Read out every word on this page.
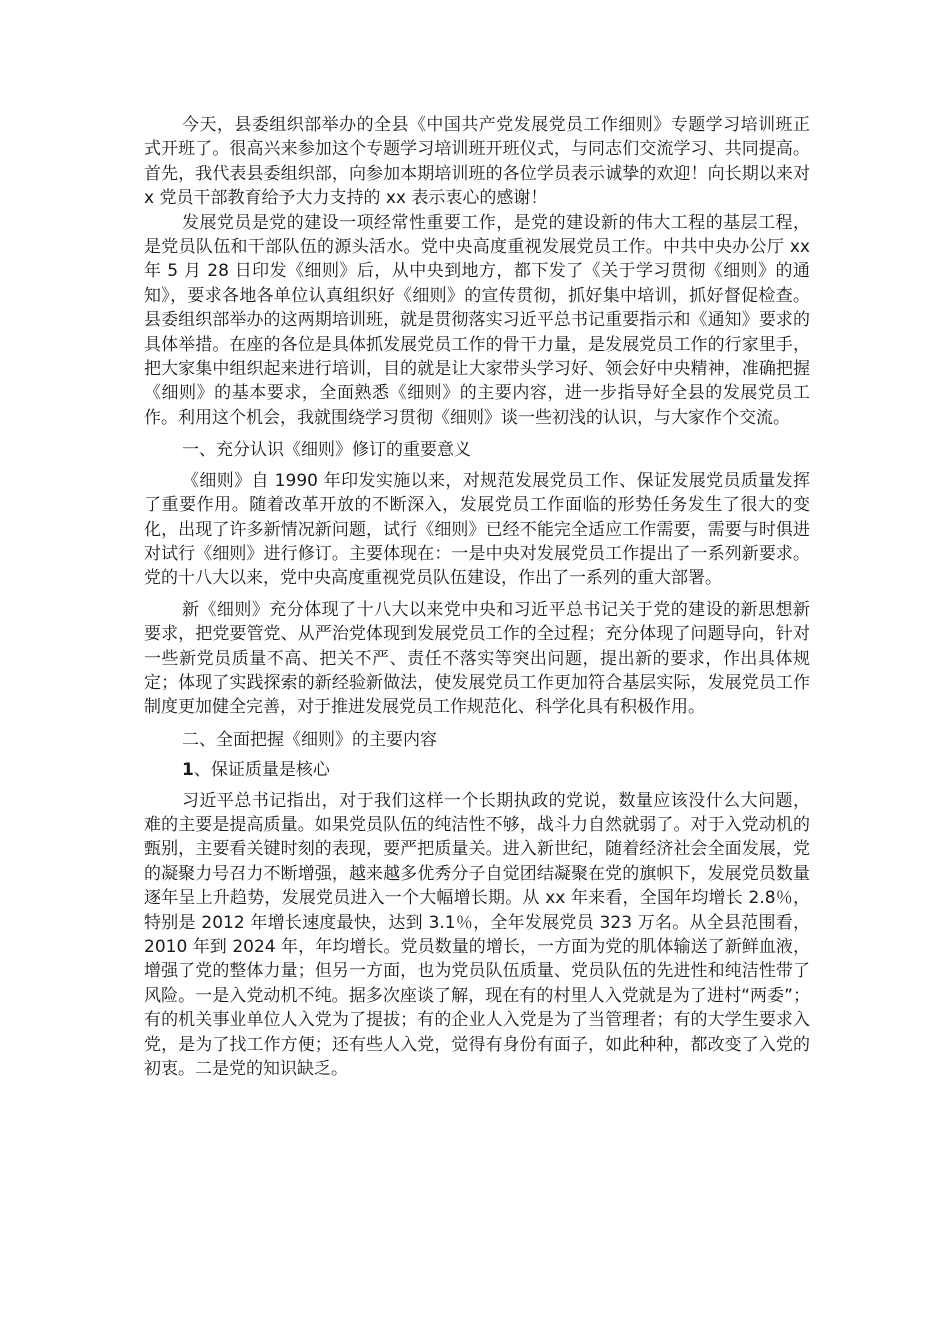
今天，县委组织部举办的全县《中国共产党发展党员工作细则》专题学习培训班正式开班了。很高兴来参加这个专题学习培训班开班仪式，与同志们交流学习、共同提高。首先，我代表县委组织部，向参加本期培训班的各位学员表示诚挚的欢迎！向长期以来对 x 党员干部教育给予大力支持的 xx 表示衷心的感谢！

发展党员是党的建设一项经常性重要工作，是党的建设新的伟大工程的基层工程，是党员队伍和干部队伍的源头活水。党中央高度重视发展党员工作。中共中央办公厅 xx 年 5 月 28 日印发《细则》后，从中央到地方，都下发了《关于学习贯彻《细则》的通知》，要求各地各单位认真组织好《细则》的宣传贯彻，抓好集中培训，抓好督促检查。县委组织部举办的这两期培训班，就是贯彻落实习近平总书记重要指示和《通知》要求的具体举措。在座的各位是具体抓发展党员工作的骨干力量，是发展党员工作的行家里手，把大家集中组织起来进行培训，目的就是让大家带头学习好、领会好中央精神，准确把握《细则》的基本要求，全面熟悉《细则》的主要内容，进一步指导好全县的发展党员工作。利用这个机会，我就围绕学习贯彻《细则》谈一些初浅的认识，与大家作个交流。

一、充分认识《细则》修订的重要意义

《细则》自 1990 年印发实施以来，对规范发展党员工作、保证发展党员质量发挥了重要作用。随着改革开放的不断深入，发展党员工作面临的形势任务发生了很大的变化，出现了许多新情况新问题，试行《细则》已经不能完全适应工作需要，需要与时俱进对试行《细则》进行修订。主要体现在：一是中央对发展党员工作提出了一系列新要求。党的十八大以来，党中央高度重视党员队伍建设，作出了一系列的重大部署。

新《细则》充分体现了十八大以来党中央和习近平总书记关于党的建设的新思想新要求，把党要管党、从严治党体现到发展党员工作的全过程；充分体现了问题导向，针对一些新党员质量不高、把关不严、责任不落实等突出问题，提出新的要求，作出具体规定；体现了实践探索的新经验新做法，使发展党员工作更加符合基层实际，发展党员工作制度更加健全完善，对于推进发展党员工作规范化、科学化具有积极作用。

二、全面把握《细则》的主要内容

1、保证质量是核心

习近平总书记指出，对于我们这样一个长期执政的党说，数量应该没什么大问题，难的主要是提高质量。如果党员队伍的纯洁性不够，战斗力自然就弱了。对于入党动机的甄别，主要看关键时刻的表现，要严把质量关。进入新世纪，随着经济社会全面发展，党的凝聚力号召力不断增强，越来越多优秀分子自觉团结凝聚在党的旗帜下，发展党员数量逐年呈上升趋势，发展党员进入一个大幅增长期。从 xx 年来看，全国年均增长 2.8％，特别是 2012 年增长速度最快，达到 3.1％，全年发展党员 323 万名。从全县范围看，2010 年到 2024 年，年均增长。党员数量的增长，一方面为党的肌体输送了新鲜血液，增强了党的整体力量；但另一方面，也为党员队伍质量、党员队伍的先进性和纯洁性带了风险。一是入党动机不纯。据多次座谈了解，现在有的村里人入党就是为了进村“两委”；有的机关事业单位人入党为了提拔；有的企业人入党是为了当管理者；有的大学生要求入党，是为了找工作方便；还有些人入党，觉得有身份有面子，如此种种，都改变了入党的初衷。二是党的知识缺乏。
